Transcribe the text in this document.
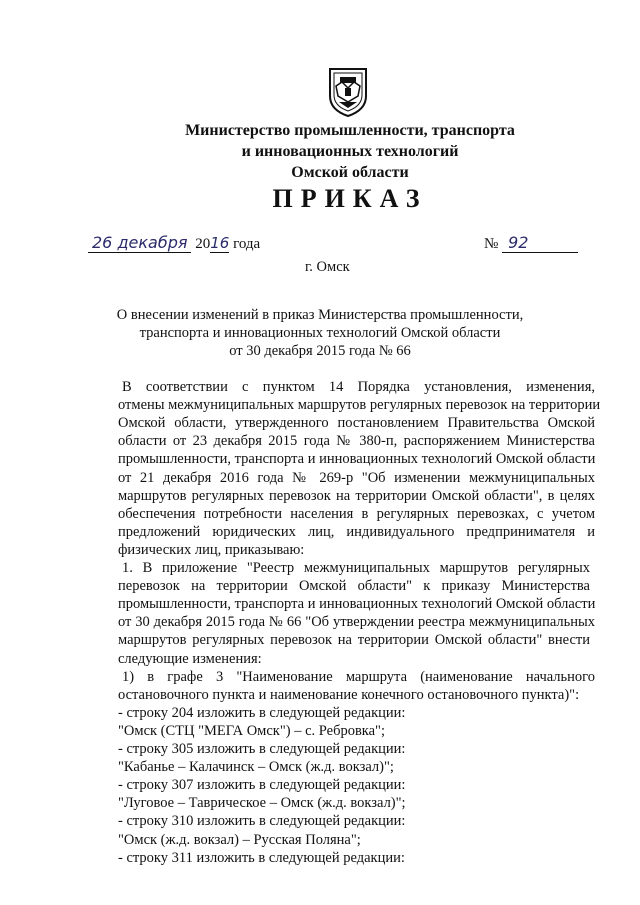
Министерство промышленности, транспорта
и инновационных технологий
Омской области
ПРИКАЗ
26 декабря 2016 года	№ 92
г. Омск
О внесении изменений в приказ Министерства промышленности,
транспорта и инновационных технологий Омской области
от 30 декабря 2015 года № 66
В соответствии с пунктом 14 Порядка установления, изменения,
отмены межмуниципальных маршрутов регулярных перевозок на территории
Омской области, утвержденного постановлением Правительства Омской
области от 23 декабря 2015 года № 380-п, распоряжением Министерства
промышленности, транспорта и инновационных технологий Омской области
от 21 декабря 2016 года № 269-р "Об изменении межмуниципальных
маршрутов регулярных перевозок на территории Омской области", в целях
обеспечения потребности населения в регулярных перевозках, с учетом
предложений юридических лиц, индивидуального предпринимателя и
физических лиц, приказываю:
1. В приложение "Реестр межмуниципальных маршрутов регулярных
перевозок на территории Омской области" к приказу Министерства
промышленности, транспорта и инновационных технологий Омской области
от 30 декабря 2015 года № 66 "Об утверждении реестра межмуниципальных
маршрутов регулярных перевозок на территории Омской области" внести
следующие изменения:
1) в графе 3 "Наименование маршрута (наименование начального
остановочного пункта и наименование конечного остановочного пункта)":
- строку 204 изложить в следующей редакции:
"Омск (СТЦ "МЕГА Омск") – с. Ребровка";
- строку 305 изложить в следующей редакции:
"Кабанье – Калачинск – Омск (ж.д. вокзал)";
- строку 307 изложить в следующей редакции:
"Луговое – Таврическое – Омск (ж.д. вокзал)";
- строку 310 изложить в следующей редакции:
"Омск (ж.д. вокзал) – Русская Поляна";
- строку 311 изложить в следующей редакции:
